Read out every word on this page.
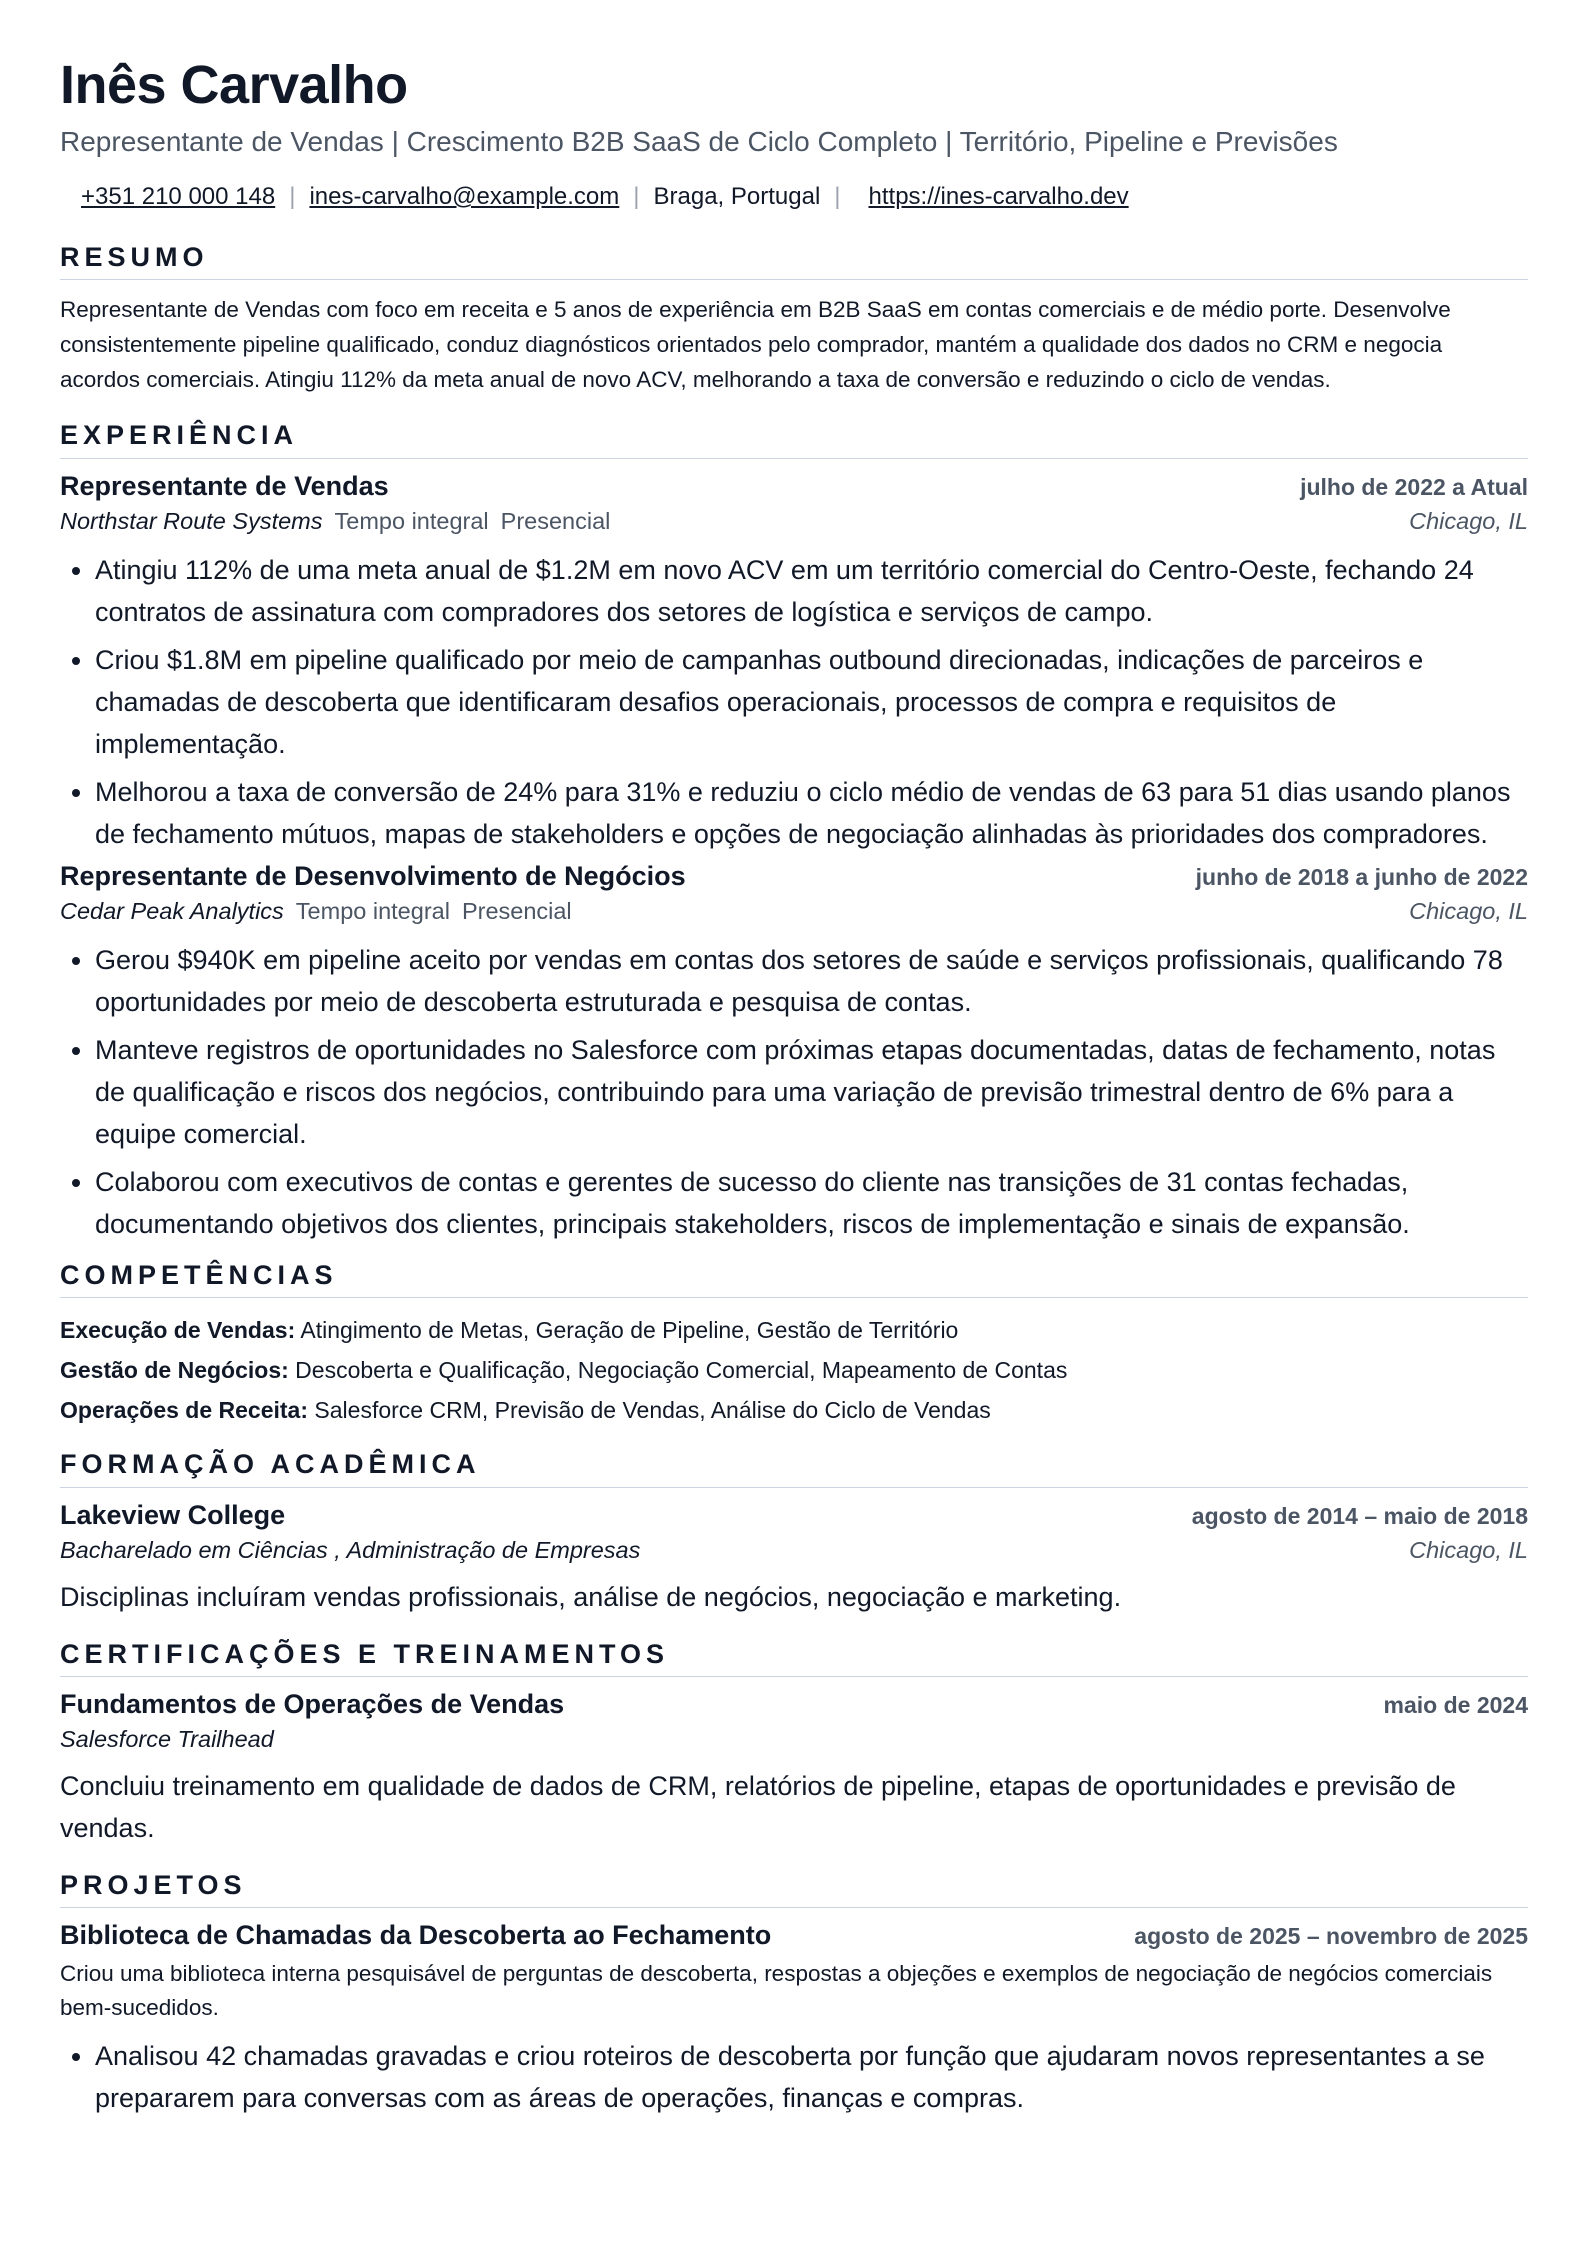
Inês Carvalho
Representante de Vendas | Crescimento B2B SaaS de Ciclo Completo | Território, Pipeline e Previsões
+351 210 000 148 | ines-carvalho@example.com | Braga, Portugal | https://ines-carvalho.dev
RESUMO

Representante de Vendas com foco em receita e 5 anos de experiência em B2B SaaS em contas comerciais e de médio porte. Desenvolve consistentemente pipeline qualificado, conduz diagnósticos orientados pelo comprador, mantém a qualidade dos dados no CRM e negocia acordos comerciais. Atingiu 112% da meta anual de novo ACV, melhorando a taxa de conversão e reduzindo o ciclo de vendas.

EXPERIÊNCIA
Representante de Vendas	julho de 2022 a Atual
Northstar Route Systems Tempo integral Presencial	Chicago, IL
• Atingiu 112% de uma meta anual de $1.2M em novo ACV em um território comercial do Centro-Oeste, fechando 24 contratos de assinatura com compradores dos setores de logística e serviços de campo.
• Criou $1.8M em pipeline qualificado por meio de campanhas outbound direcionadas, indicações de parceiros e chamadas de descoberta que identificaram desafios operacionais, processos de compra e requisitos de implementação.
• Melhorou a taxa de conversão de 24% para 31% e reduziu o ciclo médio de vendas de 63 para 51 dias usando planos de fechamento mútuos, mapas de stakeholders e opções de negociação alinhadas às prioridades dos compradores.
Representante de Desenvolvimento de Negócios	junho de 2018 a junho de 2022
Cedar Peak Analytics Tempo integral Presencial	Chicago, IL
• Gerou $940K em pipeline aceito por vendas em contas dos setores de saúde e serviços profissionais, qualificando 78 oportunidades por meio de descoberta estruturada e pesquisa de contas.
• Manteve registros de oportunidades no Salesforce com próximas etapas documentadas, datas de fechamento, notas de qualificação e riscos dos negócios, contribuindo para uma variação de previsão trimestral dentro de 6% para a equipe comercial.
• Colaborou com executivos de contas e gerentes de sucesso do cliente nas transições de 31 contas fechadas, documentando objetivos dos clientes, principais stakeholders, riscos de implementação e sinais de expansão.
COMPETÊNCIAS
Execução de Vendas: Atingimento de Metas, Geração de Pipeline, Gestão de Território
Gestão de Negócios: Descoberta e Qualificação, Negociação Comercial, Mapeamento de Contas
Operações de Receita: Salesforce CRM, Previsão de Vendas, Análise do Ciclo de Vendas
FORMAÇÃO ACADÊMICA
Lakeview College	agosto de 2014 – maio de 2018
Bacharelado em Ciências , Administração de Empresas	Chicago, IL
Disciplinas incluíram vendas profissionais, análise de negócios, negociação e marketing.
CERTIFICAÇÕES E TREINAMENTOS
Fundamentos de Operações de Vendas	maio de 2024
Salesforce Trailhead
Concluiu treinamento em qualidade de dados de CRM, relatórios de pipeline, etapas de oportunidades e previsão de vendas.
PROJETOS
Biblioteca de Chamadas da Descoberta ao Fechamento	agosto de 2025 – novembro de 2025
Criou uma biblioteca interna pesquisável de perguntas de descoberta, respostas a objeções e exemplos de negociação de negócios comerciais bem-sucedidos.
• Analisou 42 chamadas gravadas e criou roteiros de descoberta por função que ajudaram novos representantes a se prepararem para conversas com as áreas de operações, finanças e compras.
